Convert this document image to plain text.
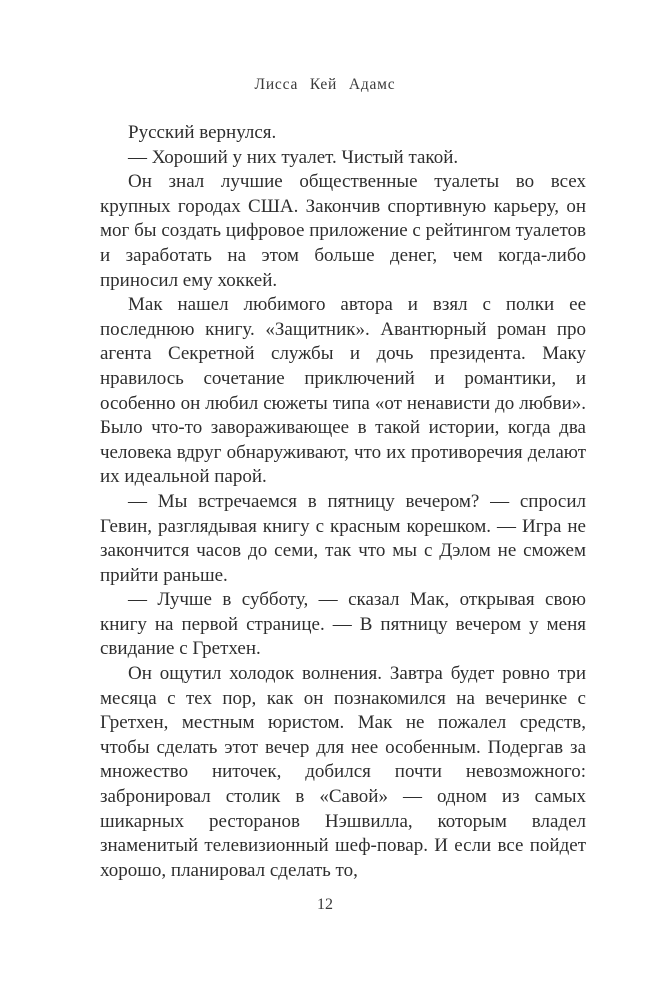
Лисса Кей Адамс

Русский вернулся.

— Хороший у них туалет. Чистый такой.

Он знал лучшие общественные туалеты во всех крупных городах США. Закончив спортивную карьеру, он мог бы создать цифровое приложение с рейтингом туалетов и заработать на этом больше денег, чем когда-либо приносил ему хоккей.

Мак нашел любимого автора и взял с полки ее последнюю книгу. «Защитник». Авантюрный роман про агента Секретной службы и дочь президента. Маку нравилось сочетание приключений и романтики, и особенно он любил сюжеты типа «от ненависти до любви». Было что-то завораживающее в такой истории, когда два человека вдруг обнаруживают, что их противоречия делают их идеальной парой.

— Мы встречаемся в пятницу вечером? — спросил Гевин, разглядывая книгу с красным корешком. — Игра не закончится часов до семи, так что мы с Дэлом не сможем прийти раньше.

— Лучше в субботу, — сказал Мак, открывая свою книгу на первой странице. — В пятницу вечером у меня свидание с Гретхен.

Он ощутил холодок волнения. Завтра будет ровно три месяца с тех пор, как он познакомился на вечеринке с Гретхен, местным юристом. Мак не пожалел средств, чтобы сделать этот вечер для нее особенным. Подергав за множество ниточек, добился почти невозможного: забронировал столик в «Савой» — одном из самых шикарных ресторанов Нэшвилла, которым владел знаменитый телевизионный шеф-повар. И если все пойдет хорошо, планировал сделать то,

12
